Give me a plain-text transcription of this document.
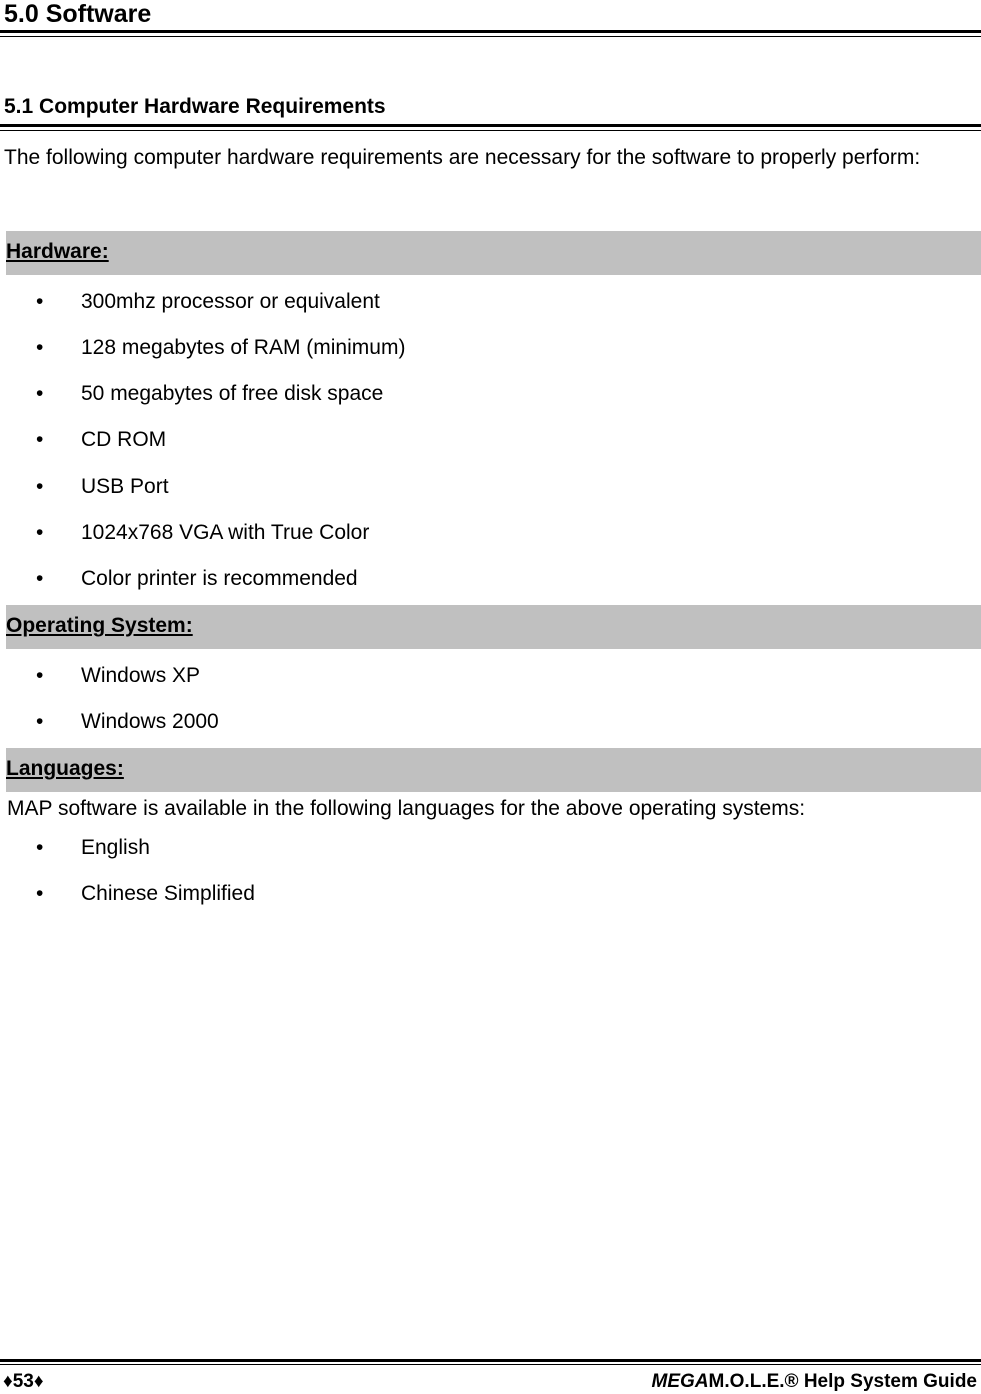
5.0 Software
5.1 Computer Hardware Requirements
The following computer hardware requirements are necessary for the software to properly perform:
Hardware:
• 300mhz processor or equivalent
• 128 megabytes of RAM (minimum)
• 50 megabytes of free disk space
• CD ROM
• USB Port
• 1024x768 VGA with True Color
• Color printer is recommended
Operating System:
• Windows XP
• Windows 2000
Languages:
MAP software is available in the following languages for the above operating systems:
• English
• Chinese Simplified
♦53♦	MEGAM.O.L.E.® Help System Guide
